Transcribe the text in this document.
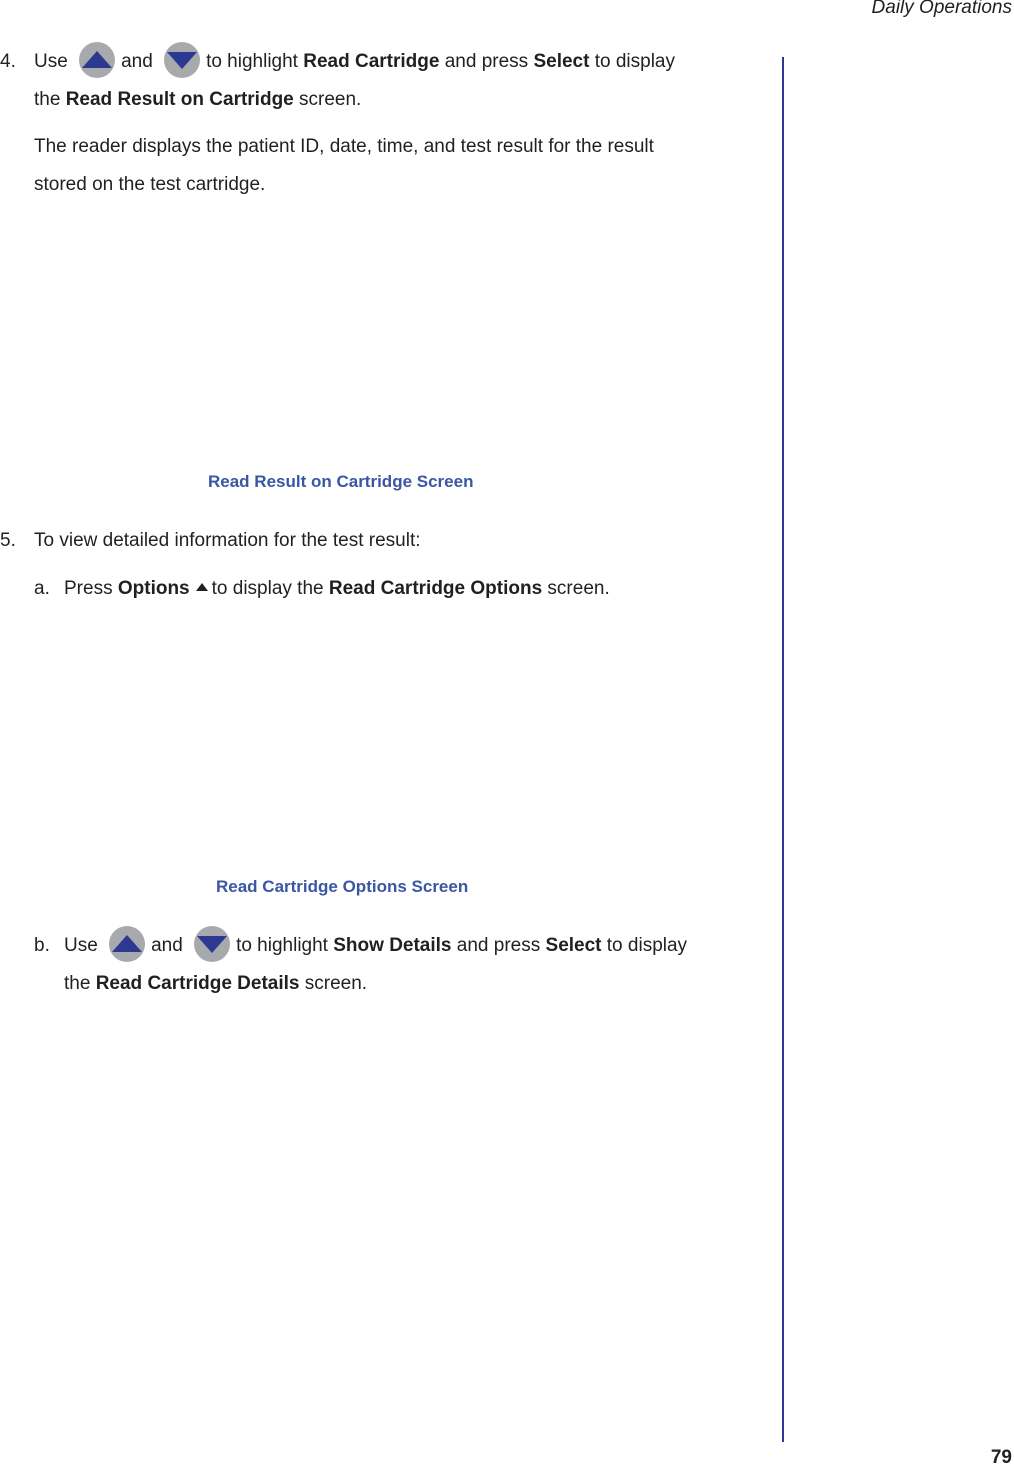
Daily Operations
4. Use	and	to highlight Read Cartridge and press Select to display
the Read Result on Cartridge screen.
The reader displays the patient ID, date, time, and test result for the result
stored on the test cartridge.
Read Result on Cartridge Screen
5. To view detailed information for the test result:
a. Press Options to display the Read Cartridge Options screen.
Read Cartridge Options Screen
b. Use	and	to highlight Show Details and press Select to display
the Read Cartridge Details screen.
79
